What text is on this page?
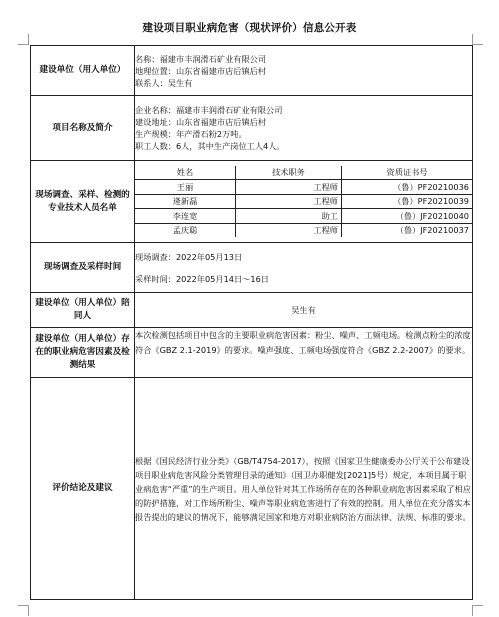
建设项目职业病危害（现状评价）信息公开表
建设单位（用人单位）	
名称：福建市丰润滑石矿业有限公司
地理位置：山东省福建市店后镇后村
联系人：吴生有

项目名称及简介	
企业名称：福建市丰润滑石矿业有限公司
建设地址：山东省福建市店后镇后村
生产规模：年产滑石粉2万吨。
职工人数：6人，其中生产岗位工人4人。

现场调查、采样、检测的专业技术人员名单	
姓名	技术职务	资质证书号
王丽	工程师	（鲁）PF20210036
逄新磊	工程师	（鲁）PF20210039
李连宽	助工	（鲁）JF20210040
孟庆聪	工程师	（鲁）JF20210037

现场调查及采样时间	
现场调查：2022年05月13日
采样时间：2022年05月14日～16日

建设单位（用人单位）陪同人	吴生有
建设单位（用人单位）存在的职业病危害因素及检测结果	本次检测包括项目中包含的主要职业病危害因素：粉尘、噪声、工频电场。检测点粉尘的浓度符合《GBZ 2.1-2019》的要求。噪声强度、工频电场强度符合《GBZ 2.2-2007》的要求。
评价结论及建议	根据《国民经济行业分类》（GB/T4754-2017），按照《国家卫生健康委办公厅关于公布建设项目职业病危害风险分类管理目录的通知》（国卫办职健发[2021]5号）规定，本项目属于职业病危害“严重”的生产项目。用人单位针对其工作场所存在的各种职业病危害因素采取了相应的防护措施，对工作场所粉尘、噪声等职业病危害进行了有效的控制。用人单位在充分落实本报告提出的建议的情况下，能够满足国家和地方对职业病防治方面法律、法规、标准的要求。
